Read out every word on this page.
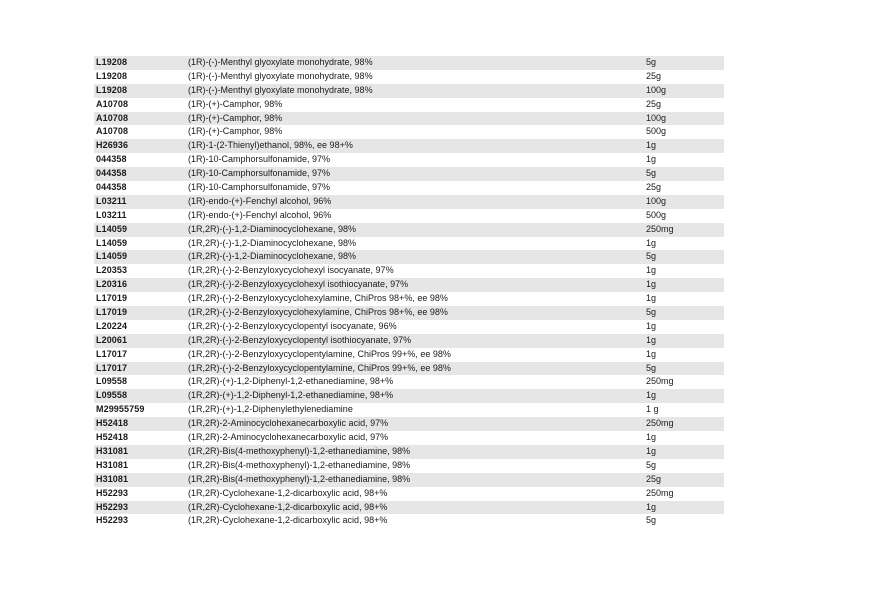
L19208	(1R)-(-)-Menthyl glyoxylate monohydrate, 98%	5g
L19208	(1R)-(-)-Menthyl glyoxylate monohydrate, 98%	25g
L19208	(1R)-(-)-Menthyl glyoxylate monohydrate, 98%	100g
A10708	(1R)-(+)-Camphor, 98%	25g
A10708	(1R)-(+)-Camphor, 98%	100g
A10708	(1R)-(+)-Camphor, 98%	500g
H26936	(1R)-1-(2-Thienyl)ethanol, 98%, ee 98+%	1g
044358	(1R)-10-Camphorsulfonamide, 97%	1g
044358	(1R)-10-Camphorsulfonamide, 97%	5g
044358	(1R)-10-Camphorsulfonamide, 97%	25g
L03211	(1R)-endo-(+)-Fenchyl alcohol, 96%	100g
L03211	(1R)-endo-(+)-Fenchyl alcohol, 96%	500g
L14059	(1R,2R)-(-)-1,2-Diaminocyclohexane, 98%	250mg
L14059	(1R,2R)-(-)-1,2-Diaminocyclohexane, 98%	1g
L14059	(1R,2R)-(-)-1,2-Diaminocyclohexane, 98%	5g
L20353	(1R,2R)-(-)-2-Benzyloxycyclohexyl isocyanate, 97%	1g
L20316	(1R,2R)-(-)-2-Benzyloxycyclohexyl isothiocyanate, 97%	1g
L17019	(1R,2R)-(-)-2-Benzyloxycyclohexylamine, ChiPros 98+%, ee 98%	1g
L17019	(1R,2R)-(-)-2-Benzyloxycyclohexylamine, ChiPros 98+%, ee 98%	5g
L20224	(1R,2R)-(-)-2-Benzyloxycyclopentyl isocyanate, 96%	1g
L20061	(1R,2R)-(-)-2-Benzyloxycyclopentyl isothiocyanate, 97%	1g
L17017	(1R,2R)-(-)-2-Benzyloxycyclopentylamine, ChiPros 99+%, ee 98%	1g
L17017	(1R,2R)-(-)-2-Benzyloxycyclopentylamine, ChiPros 99+%, ee 98%	5g
L09558	(1R,2R)-(+)-1,2-Diphenyl-1,2-ethanediamine, 98+%	250mg
L09558	(1R,2R)-(+)-1,2-Diphenyl-1,2-ethanediamine, 98+%	1g
M29955759	(1R,2R)-(+)-1,2-Diphenylethylenediamine	1 g
H52418	(1R,2R)-2-Aminocyclohexanecarboxylic acid, 97%	250mg
H52418	(1R,2R)-2-Aminocyclohexanecarboxylic acid, 97%	1g
H31081	(1R,2R)-Bis(4-methoxyphenyl)-1,2-ethanediamine, 98%	1g
H31081	(1R,2R)-Bis(4-methoxyphenyl)-1,2-ethanediamine, 98%	5g
H31081	(1R,2R)-Bis(4-methoxyphenyl)-1,2-ethanediamine, 98%	25g
H52293	(1R,2R)-Cyclohexane-1,2-dicarboxylic acid, 98+%	250mg
H52293	(1R,2R)-Cyclohexane-1,2-dicarboxylic acid, 98+%	1g
H52293	(1R,2R)-Cyclohexane-1,2-dicarboxylic acid, 98+%	5g
